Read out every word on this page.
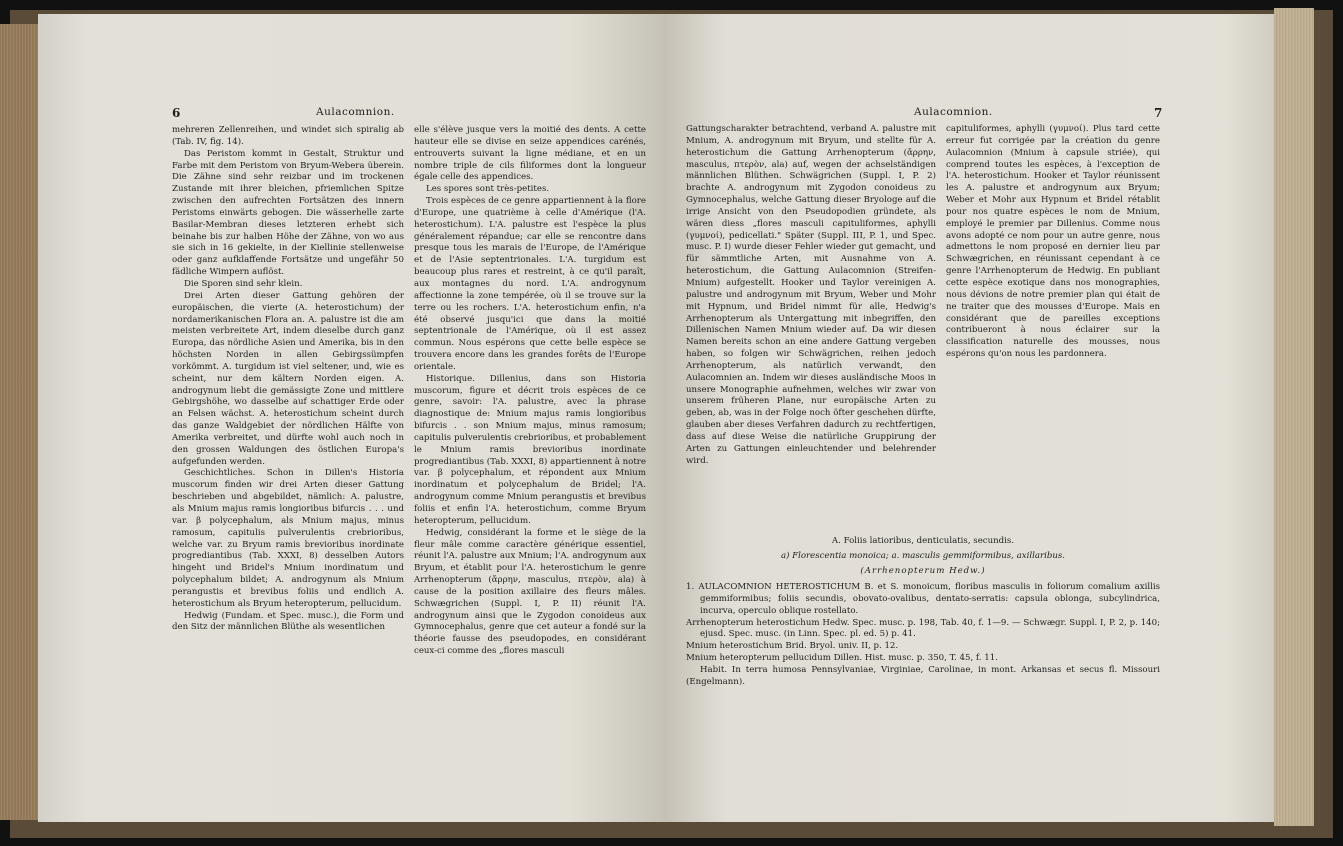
6	Aulacomnion.

mehreren Zellenreihen, und windet sich spiralig ab (Tab. IV, fig. 14).

Das Peristom kommt in Gestalt, Struktur und Farbe mit dem Peristom von Bryum-Webera überein. Die Zähne sind sehr reizbar und im trockenen Zustande mit ihrer bleichen, pfriemlichen Spitze zwischen den aufrechten Fortsätzen des innern Peristoms einwärts gebogen. Die wässerhelle zarte Basilar-Membran dieses letzteren erhebt sich beinahe bis zur halben Höhe der Zähne, von wo aus sie sich in 16 gekielte, in der Kiellinie stellenweise oder ganz aufklaffende Fortsätze und ungefähr 50 fädliche Wimpern auflöst.

Die Sporen sind sehr klein.

Drei Arten dieser Gattung gehören der europäischen, die vierte (A. heterostichum) der nordamerikanischen Flora an. A. palustre ist die am meisten verbreitete Art, indem dieselbe durch ganz Europa, das nördliche Asien und Amerika, bis in den höchsten Norden in allen Gebirgssümpfen vorkömmt. A. turgidum ist viel seltener, und, wie es scheint, nur dem kältern Norden eigen. A. androgynum liebt die gemässigte Zone und mittlere Gebirgshöhe, wo dasselbe auf schattiger Erde oder an Felsen wächst. A. heterostichum scheint durch das ganze Waldgebiet der nördlichen Hälfte von Amerika verbreitet, und dürfte wohl auch noch in den grossen Waldungen des östlichen Europa's aufgefunden werden.

Geschichtliches. Schon in Dillen's Historia muscorum finden wir drei Arten dieser Gattung beschrieben und abgebildet, nämlich: A. palustre, als Mnium majus ramis longioribus bifurcis . . . und var. β polycephalum, als Mnium majus, minus ramosum, capitulis pulverulentis crebrioribus, welche var. zu Bryum ramis brevioribus inordinate progrediantibus (Tab. XXXI, 8) desselben Autors hingeht und Bridel's Mnium inordinatum und polycephalum bildet; A. androgynum als Mnium perangustis et brevibus foliis und endlich A. heterostichum als Bryum heteropterum, pellucidum.

Hedwig (Fundam. et Spec. musc.), die Form und den Sitz der männlichen Blüthe als wesentlichen

elle s'élève jusque vers la moitié des dents. A cette hauteur elle se divise en seize appendices carénés, entrouverts suivant la ligne médiane, et en un nombre triple de cils filiformes dont la longueur égale celle des appendices.

Les spores sont très-petites.

Trois espèces de ce genre appartiennent à la flore d'Europe, une quatrième à celle d'Amérique (l'A. heterostichum). L'A. palustre est l'espèce la plus généralement répandue; car elle se rencontre dans presque tous les marais de l'Europe, de l'Amérique et de l'Asie septentrionales. L'A. turgidum est beaucoup plus rares et restreint, à ce qu'il paraît, aux montagnes du nord. L'A. androgynum affectionne la zone tempérée, où il se trouve sur la terre ou les rochers. L'A. heterostichum enfin, n'a été observé jusqu'ici que dans la moitié septentrionale de l'Amérique, où il est assez commun. Nous espérons que cette belle espèce se trouvera encore dans les grandes forêts de l'Europe orientale.

Historique. Dillenius, dans son Historia muscorum, figure et décrit trois espèces de ce genre, savoir: l'A. palustre, avec la phrase diagnostique de: Mnium majus ramis longioribus bifurcis . . son Mnium majus, minus ramosum; capitulis pulverulentis crebrioribus, et probablement le Mnium ramis brevioribus inordinate progrediantibus (Tab. XXXI, 8) appartiennent à notre var. β polycephalum, et répondent aux Mnium inordinatum et polycephalum de Bridel; l'A. androgynum comme Mnium perangustis et brevibus foliis et enfin l'A. heterostichum, comme Bryum heteropterum, pellucidum.

Hedwig, considérant la forme et le siège de la fleur mâle comme caractère générique essentiel, réunit l'A. palustre aux Mnium; l'A. androgynum aux Bryum, et établit pour l'A. heterostichum le genre Arrhenopterum (ἄρρην, masculus, πτερὸν, ala) à cause de la position axillaire des fleurs mâles. Schwægrichen (Suppl. I, P. II) réunit l'A. androgynum ainsi que le Zygodon conoideus aux Gymnocephalus, genre que cet auteur a fondé sur la théorie fausse des pseudopodes, en considérant ceux-ci comme des „flores masculi

Aulacomnion.	7

Gattungscharakter betrachtend, verband A. palustre mit Mnium, A. androgynum mit Bryum, und stellte für A. heterostichum die Gattung Arrhenopterum (ἄρρην, masculus, πτερὸν, ala) auf, wegen der achselständigen männlichen Blüthen. Schwägrichen (Suppl. I, P. 2) brachte A. androgynum mit Zygodon conoideus zu Gymnocephalus, welche Gattung dieser Bryologe auf die irrige Ansicht von den Pseudopodien gründete, als wären diess „flores masculi capituliformes, aphylli (γυμνοί), pedicellati." Später (Suppl. III, P. 1, und Spec. musc. P. I) wurde dieser Fehler wieder gut gemacht, und für sämmtliche Arten, mit Ausnahme von A. heterostichum, die Gattung Aulacomnion (Streifen-Mnium) aufgestellt. Hooker und Taylor vereinigen A. palustre und androgynum mit Bryum, Weber und Mohr mit Hypnum, und Bridel nimmt für alle, Hedwig's Arrhenopterum als Untergattung mit inbegriffen, den Dillenischen Namen Mnium wieder auf. Da wir diesen Namen bereits schon an eine andere Gattung vergeben haben, so folgen wir Schwägrichen, reihen jedoch Arrhenopterum, als natürlich verwandt, den Aulacomnien an. Indem wir dieses ausländische Moos in unsere Monographie aufnehmen, welches wir zwar von unserem früheren Plane, nur europäische Arten zu geben, ab, was in der Folge noch öfter geschehen dürfte, glauben aber dieses Verfahren dadurch zu rechtfertigen, dass auf diese Weise die natürliche Gruppirung der Arten zu Gattungen einleuchtender und belehrender wird.

capituliformes, aphylli (γυμνοί). Plus tard cette erreur fut corrigée par la création du genre Aulacomnion (Mnium à capsule striée), qui comprend toutes les espèces, à l'exception de l'A. heterostichum. Hooker et Taylor réunissent les A. palustre et androgynum aux Bryum; Weber et Mohr aux Hypnum et Bridel rétablit pour nos quatre espèces le nom de Mnium, employé le premier par Dillenius. Comme nous avons adopté ce nom pour un autre genre, nous admettons le nom proposé en dernier lieu par Schwægrichen, en réunissant cependant à ce genre l'Arrhenopterum de Hedwig. En publiant cette espèce exotique dans nos monographies, nous dévions de notre premier plan qui était de ne traiter que des mousses d'Europe. Mais en considérant que de pareilles exceptions contribueront à nous éclairer sur la classification naturelle des mousses, nous espérons qu'on nous les pardonnera.

A. Foliis latioribus, denticulatis, secundis.
a) Florescentia monoica; a. masculis gemmiformibus, axillaribus.
(Arrhenopterum Hedw.)

1. AULACOMNION HETEROSTICHUM B. et S. monoicum, floribus masculis in foliorum comalium axillis gemmiformibus; foliis secundis, obovato-ovalibus, dentato-serratis: capsula oblonga, subcylindrica, incurva, operculo oblique rostellato.

Arrhenopterum heterostichum Hedw. Spec. musc. p. 198, Tab. 40, f. 1—9. — Schwægr. Suppl. I, P. 2, p. 140; ejusd. Spec. musc. (in Linn. Spec. pl. ed. 5) p. 41.

Mnium heterostichum Brid. Bryol. univ. II, p. 12.

Mnium heteropterum pellucidum Dillen. Hist. musc. p. 350, T. 45, f. 11.

Habit. In terra humosa Pennsylvaniae, Virginiae, Carolinae, in mont. Arkansas et secus fl. Missouri (Engelmann).
